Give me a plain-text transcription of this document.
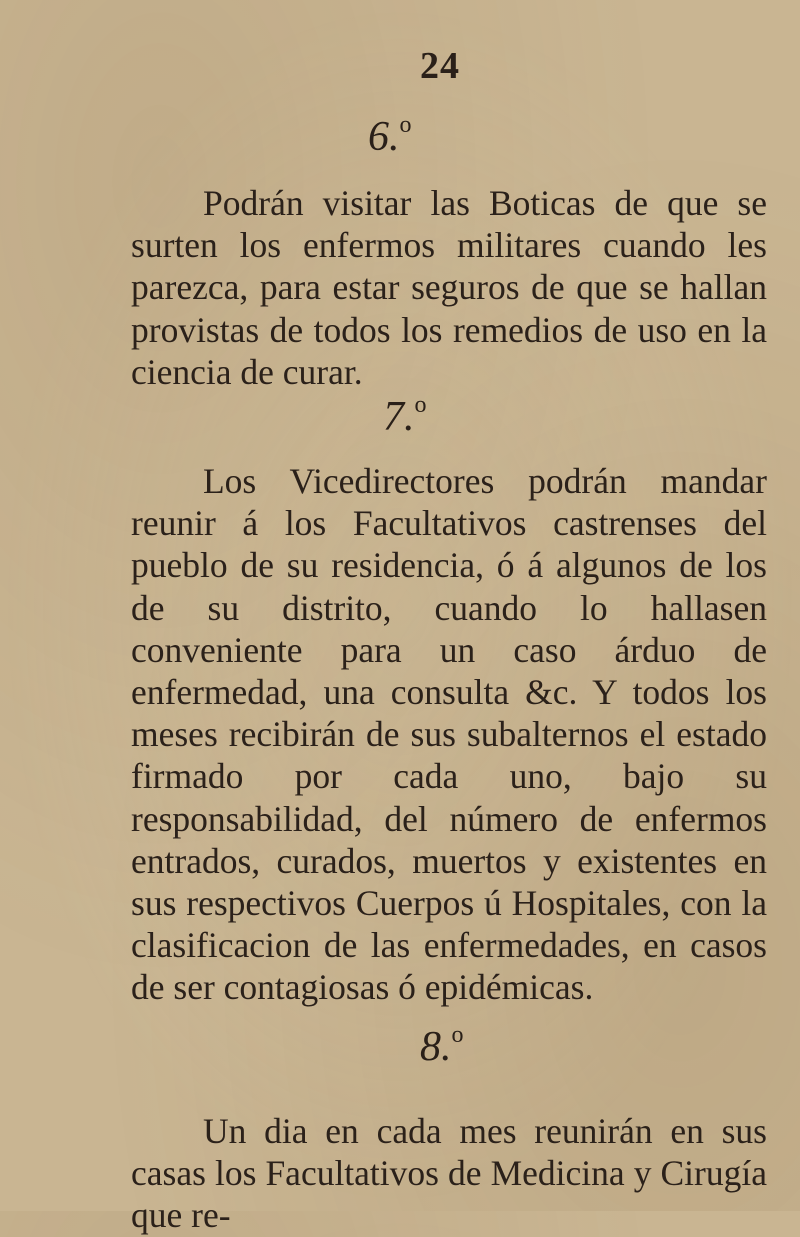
24
6.$^o$

Podrán visitar las Boticas de que se surten los enfermos militares cuando les parezca, para estar seguros de que se hallan provistas de todos los remedios de uso en la ciencia de curar.

7.$^o$

Los Vicedirectores podrán mandar reunir á los Facultativos castrenses del pueblo de su residencia, ó á algunos de los de su distrito, cuando lo hallasen conveniente para un caso árduo de enfermedad, una consulta &c. Y todos los meses recibirán de sus subalternos el estado firmado por cada uno, bajo su responsabilidad, del número de enfermos entrados, curados, muertos y existentes en sus respectivos Cuerpos ú Hospitales, con la clasificacion de las enfermedades, en casos de ser contagiosas ó epidémicas.

8.$^o$

Un dia en cada mes reunirán en sus casas los Facultativos de Medicina y Cirugía que re-
